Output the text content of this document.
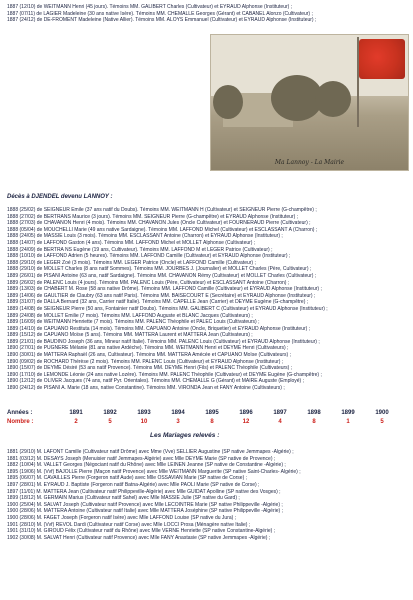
1887 (12/10) de WEÏTMANN Henri (45 jours). Témoins MM. GALIBERT Charles (Cultivateur) et EYRAUD Alphonse (Instituteur) ;
1887 (07/11) de LAGIER Madeleine (30 ans native Isère). Témoins MM. CHEMALLE Georges (Gérant) et CABANEL Alonzo (Cultivateur) ;
1887 (24/12) de DE-FROMENT Madeleine (Native Allier). Témoins MM. ALOYS Emmanuel (Cultivateur) et EYRAUD Alphonse (Instituteur) ;
Ma Lannoy - La Mairie
Décès à DJENDEL devenu LANNOY :
1888 (25/02) de SEIGNEUR Emile (37 ans natif du Doubs). Témoins MM. WEITMANN H (Cultivateur) et SEIGNEUR Pierre (G-champêtre) ;
1888 (27/02) de BERTRANS Maurice (3 jours). Témoins MM. SEIGNEUR Pierre (G-champêtre) et EYRAUD Alphonse (Instituteur) ;
1888 (27/03) de CHAVANON Henri (4 mois). Témoins MM. CHAVANON Jules (Oncle Cultivateur) et FOURNERAUD Pierre (Cultivateur) ;
1888 (05/04) de MOUCHELLI Marie (49 ans native Sardaigne). Témoins MM. LAFFOND Michel (Cultivateur) et ESCLASSANT A (Charron) ;
1888 (24/05) de MASSIE Louis (3 mois). Témoins MM. ESCLASSANT Antoine (Charron) et EYRAUD Alphonse (Instituteur) ;
1888 (14/07) de LAFFOND Gaston (4 ans). Témoins MM. LAFFOND Michel et MOLLET Alphonse (Cultivateur) ;
1888 (24/09) de BERTRA NS Eugène (19 ans, Cultivateur). Témoins MM. LAFFOND M et LEGER Patrice (Cultivateur) ;
1888 (10/10) de LAFFOND Adrien (5 heures). Témoins MM. LAFFOND Camille (Cultivateur) et EYRAUD Alphonse (Instituteur) ;
1888 (29/10) de LEGER Zoé (3 mois). Témoins MM. LEGER Patrice (Oncle) et LAFFOND Camille (Cultivateur) ;
1888 (29/10) de MOLLET Charles (8 ans natif Sommes). Témoins MM. JOURBES J. (Journalier) et MOLLET Charles (Père, Cultivateur) ;
1889 (26/01) de PISANI Antoine (63 ans, natif Sardaigne). Témoins MM. CHAVANON Rémy (Cultivateur) et MOLLET Charles (Cultivateur) ;
1889 (26/02) de PALENC Louis (4 jours). Témoins MM. PALENC Louis (Père, Cultivateur) et ESCLASSANT Antoine (Charron) ;
1889 (13/03) de CHABERT M. Rose (58 ans native Drôme). Témoins MM. LAFFOND Camille (Cultivateur) et EYRAUD Alphonse (Instituteur) ;
1889 (14/06) de GAULTIER de Claubry (63 ans natif Paris). Témoins MM. BAISECOURT E (Secrétaire) et EYRAUD Alphonse (Instituteur) ;
1889 (31/07) de DALLA Bernard (32 ans, Carrier natif Italie). Témoins MM. CAPELLE Jean (Carrier) et DEYME Eugène (G-champêtre) ;
1889 (14/08) de SEIGNEUR Pierre (50 ans, Fontainier natif Doubs). Témoins MM. GALIBERT C (Cultivateur) et EYRAUD Alphonse (Instituteur) ;
1889 (24/08) de MOLLET Emilie (7 mois). Témoins MM. LAFFOND Auguste et BLANC Jacques (Cultivateurs) ;
1889 (16/09) de WEITMANN Henriette (7 mois). Témoins MM. PALENC Théophile et PALEC Louis (Cultivateurs) ;
1889 (14/10) de CAPUANO Restituta (14 mois). Témoins MM. CAPUANO Antoine (Oncle, Briquetier) et EYRAUD Alphonse (Instituteur) ;
1889 (15/12) de CAPUANO Moïse (5 ans). Témoins MM. MATTERA Laurent et MATTERA Jean (Cultivateurs) ;
1889 (21/01) de BAUDINO Joseph (36 ans, Mineur natif Italie). Témoins MM. PALENC Louis (Cultivateur) et EYRAUD Alphonse (Instituteur) ;
1890 (27/01) de PUGNERE Mélanie (81 ans native Ardèche). Témoins MM. WEÏTMANN Henri et DEYME Henri (Cultivateurs) ;
1890 (30/01) de MATTERA Raphaël (26 ans, Cultivateur). Témoins MM. MATTERA Amécée et CAPUANO Moïse (Cultivateurs) ;
1890 (09/02) de ROCHARD Thérèse (2 mois). Témoins MM. PALENC Louis (Cultivateur) et EYRAUD Alphonse (Instituteur) ;
1890 (15/07) de DEYME Désiré (53 ans natif Provence). Témoins MM. DEYME Henri (Fils) et PALENC Théophile (Cultivateurs) ;
1890 (17/10) de LEMONDE Léonie (24 ans native Lozère). Témoins MM. PALENC Théophile (Cultivateur) et DEYME Eugène (G-champêtre) ;
1890 (12/12) de OLIVER Jacques (74 ans, natif Pyr. Orientales). Témoins MM. CHEMALLE G (Gérant) et MAIRE Auguste (Employé) ;
1890 (24/12) de PISANI A. Marie (18 ans, native Constantine). Témoins MM. VIRONDA Jean et FANY Antoine (Cultivateurs) ;
Années :	1891	1892	1893	1894	1895	1896	1897	1898	1899	1900
Nombre :	2	5	10	3	8	12	4	8	1	5
Les Mariages relevés :
1881 (29/10) M. LAFONT Camille (Cultivateur natif Drôme) avec Mme (Vve) SELLIER Augustine (SP native Jemmapes -Algérie) ;
1881 (03/12) M. DESAYS Joseph (Menuisier natif Jemmapes-Algérie) avec Mlle DEYME Marie (SP native de Provence) ;
1882 (10/04) M. VALLET Georges (Négociant natif du Rhône) avec Mlle LEINEN Jeanne (SP native de Constantine -Algérie) ;
1895 (19/06) M. (Vvf) BAJOLLE Pierre (Maçon natif Provence) avec Mlle WEITMANN Marguerite (SP native Saint-Charles- Algérie) ;
1895 (06/07) M. CAVAILLES Pierre (Forgeron natif Aude) avec Mlle OSSAVIAN Marie (SP native de Corse) ;
1897 (28/01) M. EYRAUD J. Baptiste (Forgeron natif Batna-Algérie) avec Mlle PAOLI Marie (SP native de Corse) ;
1897 (11/01) M. MATTERA Jean (Cultivateur natif Philippeville-Algérie) avec Mlle GUIDAT Apolline (SP native des Vosges) ;
1899 (18/12) M. GERMAIN Marius (Cultivateur natif Sahel) avec Mlle MASSIE Julie (SP native du Gard) ;
1900 (25/04) M. SALVAT Joseph (Cultivateur natif Provence) avec Mlle LECOINTRE Marie (SP native Philippeville -Algérie) ;
1900 (28/06) M. MATTERA Antoine (Cultivateur natif Italie) avec Mlle MATTERA Joséphine (SP native Philippeville -Algérie) ;
1900 (28/06) M. FAGET Joseph (Forgeron natif Isère) avec Mlle LAFFOND Louise (SP native du Jura) ;
1901 (28/10) M. (Vvf) REVOL Dardi (Cultivateur natif Corse) avec Mlle LOCCI Prosa (Ménagère native Italie) ;
1901 (31/10) M. GIROUD Félix (Cultivateur natif du Rhône) avec Mlle VERNE Henriette (SP native Constantine-Algérie) ;
1902 (30/08) M. SALVAT Henri (Cultivateur natif Provence) avec Mlle FANY Anastasie (SP native Jemmapes -Algérie) ;
